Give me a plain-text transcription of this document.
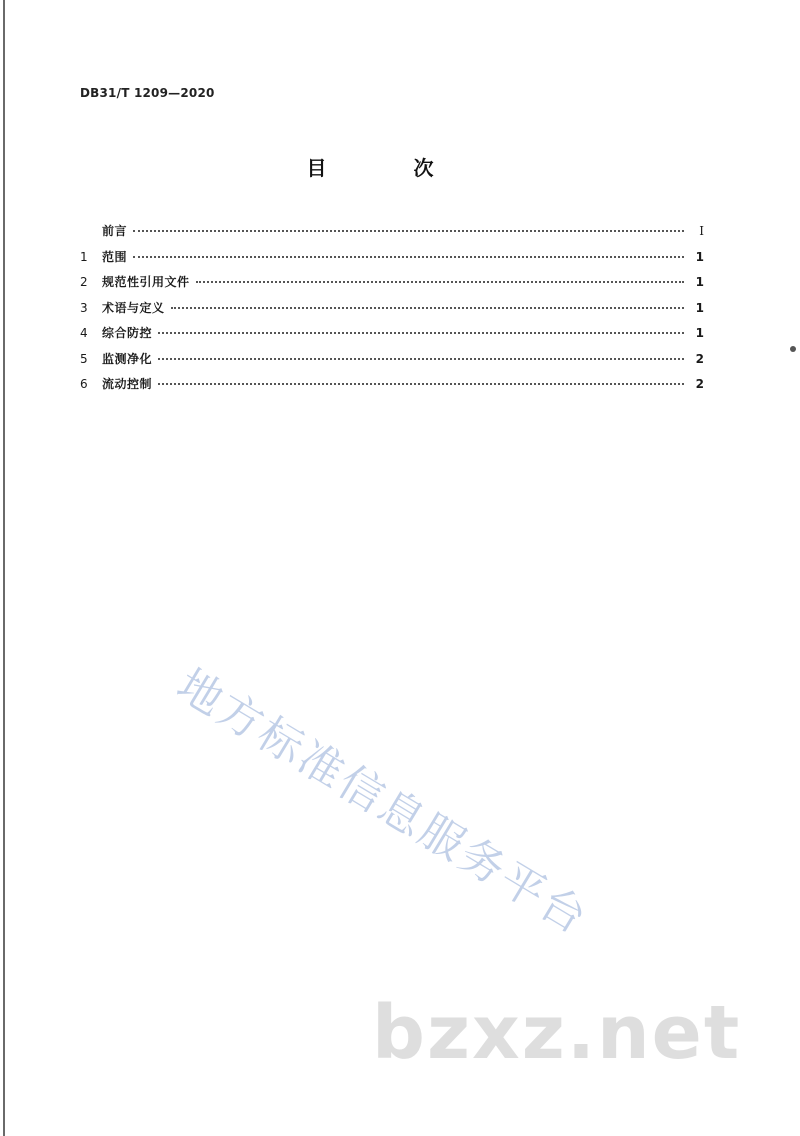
DB31/T 1209—2020
目 次
前言	I
1	范围	1
2	规范性引用文件	1
3	术语与定义	1
4	综合防控	1
5	监测净化	2
6	流动控制	2
地方标准信息服务平台
bzxz.net
